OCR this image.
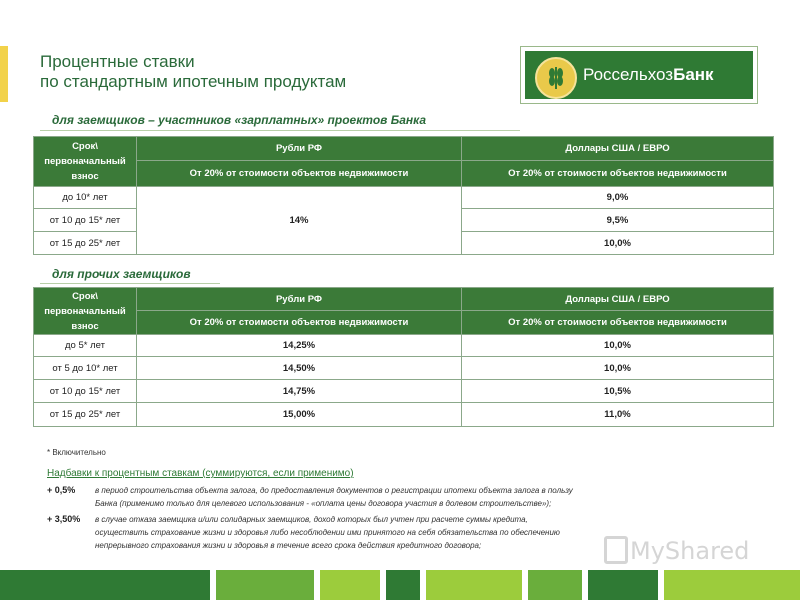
Процентные ставки
по стандартным ипотечным продуктам	РоссельхозБанк
для заемщиков – участников «зарплатных» проектов Банка
Срок\ первоначальный взнос	Рубли РФ	Доллары США / ЕВРО
	От 20% от стоимости объектов недвижимости	От 20% от стоимости объектов недвижимости
до 10* лет	14%	9,0%
от 10 до 15* лет		9,5%
от 15 до 25* лет		10,0%
для прочих заемщиков
Срок\ первоначальный взнос	Рубли РФ	Доллары США / ЕВРО
	От 20% от стоимости объектов недвижимости	От 20% от стоимости объектов недвижимости
до 5* лет	14,25%	10,0%
от 5 до 10* лет	14,50%	10,0%
от 10 до 15* лет	14,75%	10,5%
от 15 до 25* лет	15,00%	11,0%
* Включительно
Надбавки к процентным ставкам (суммируются, если применимо)
+ 0,5% в период строительства объекта залога, до предоставления документов о регистрации ипотеки объекта залога в пользу
Банка (применимо только для целевого использования - «оплата цены договора участия в долевом строительстве»);
+ 3,50% в случае отказа заемщика и/или солидарных заемщиков, доход которых был учтен при расчете суммы кредита,
осуществить страхование жизни и здоровья либо несоблюдении ими принятого на себя обязательства по обеспечению
непрерывного страхования жизни и здоровья в течение всего срока действия кредитного договора;	MyShared
